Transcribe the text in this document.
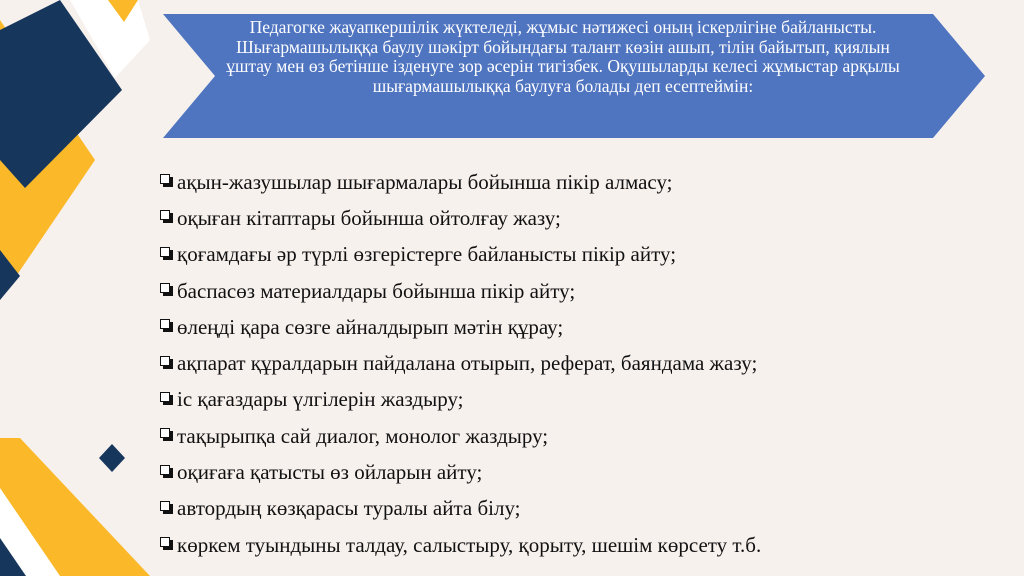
Педагогке жауапкершілік жүктеледі, жұмыс нәтижесі оның іскерлігіне байланысты. Шығармашылыққа баулу шәкірт бойындағы талант көзін ашып, тілін байытып, қиялын ұштау мен өз бетінше ізденуге зор әсерін тигізбек. Оқушыларды келесі жұмыстар арқылы шығармашылыққа баулуға болады деп есептеймін:
ақын-жазушылар шығармалары бойынша пікір алмасу;
оқыған кітаптары бойынша ойтолғау жазу;
қоғамдағы әр түрлі өзгерістерге байланысты пікір айту;
баспасөз материалдары бойынша пікір айту;
өлеңді қара сөзге айналдырып мәтін құрау;
ақпарат құралдарын пайдалана отырып, реферат, баяндама жазу;
іс қағаздары үлгілерін жаздыру;
тақырыпқа сай диалог, монолог жаздыру;
оқиғаға қатысты өз ойларын айту;
автордың көзқарасы туралы айта білу;
көркем туындыны талдау, салыстыру, қорыту, шешім көрсету т.б.
